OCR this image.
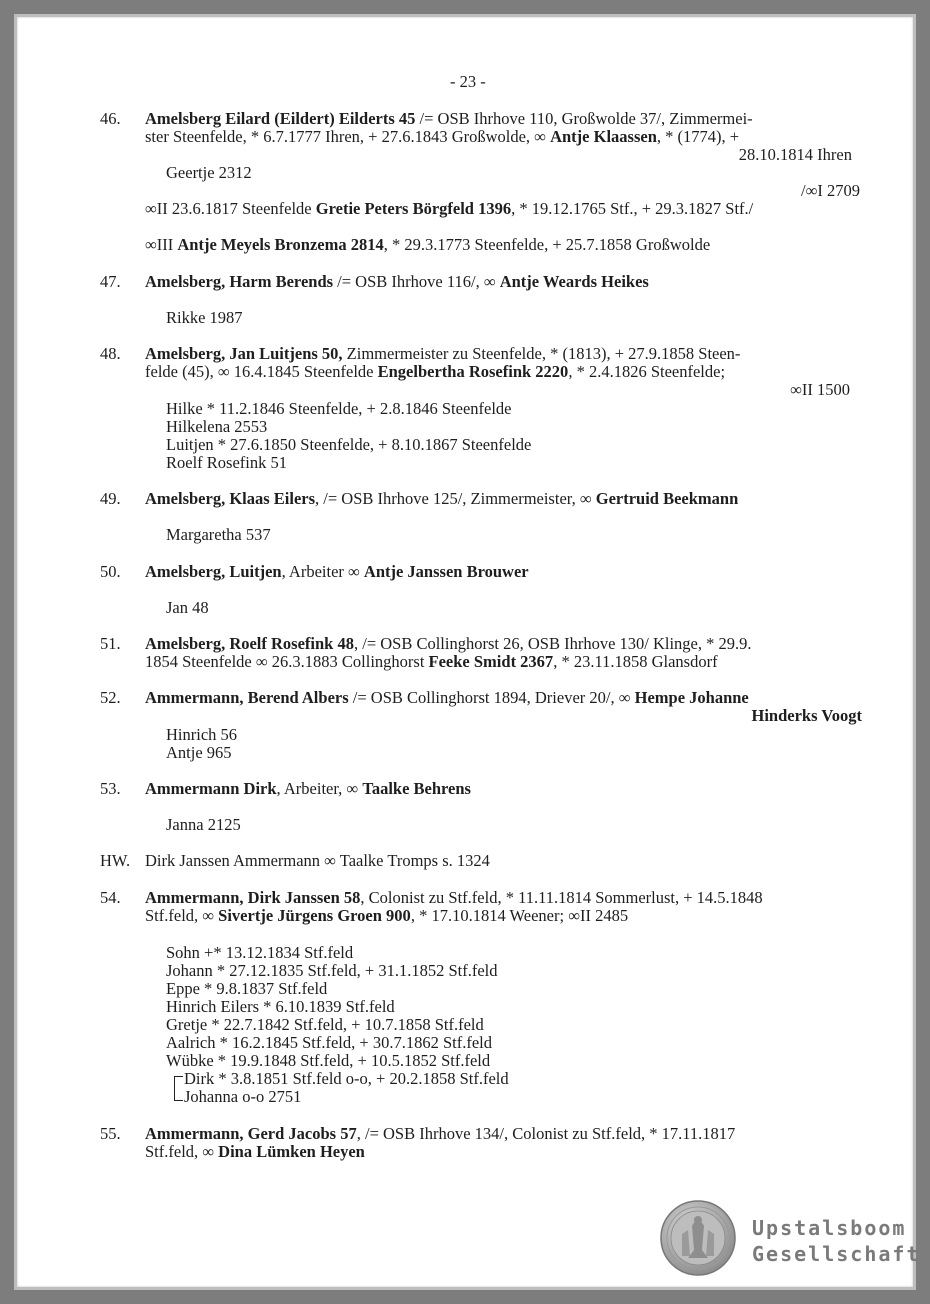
- 23 -
46. Amelsberg Eilard (Eildert) Eilderts 45 /= OSB Ihrhove 110, Großwolde 37/, Zimmermei-
ster Steenfelde, * 6.7.1777 Ihren, + 27.6.1843 Großwolde, ∞ Antje Klaassen, * (1774), +
28.10.1814 Ihren
Geertje 2312
/∞I 2709
∞II 23.6.1817 Steenfelde Gretie Peters Börgfeld 1396, * 19.12.1765 Stf., + 29.3.1827 Stf./
∞III Antje Meyels Bronzema 2814, * 29.3.1773 Steenfelde, + 25.7.1858 Großwolde
47. Amelsberg, Harm Berends /= OSB Ihrhove 116/, ∞ Antje Weards Heikes
Rikke 1987
48. Amelsberg, Jan Luitjens 50, Zimmermeister zu Steenfelde, * (1813), + 27.9.1858 Steen-
felde (45), ∞ 16.4.1845 Steenfelde Engelbertha Rosefink 2220, * 2.4.1826 Steenfelde;
∞II 1500
Hilke * 11.2.1846 Steenfelde, + 2.8.1846 Steenfelde
Hilkelena 2553
Luitjen * 27.6.1850 Steenfelde, + 8.10.1867 Steenfelde
Roelf Rosefink 51
49. Amelsberg, Klaas Eilers, /= OSB Ihrhove 125/, Zimmermeister, ∞ Gertruid Beekmann
Margaretha 537
50. Amelsberg, Luitjen, Arbeiter ∞ Antje Janssen Brouwer
Jan 48
51. Amelsberg, Roelf Rosefink 48, /= OSB Collinghorst 26, OSB Ihrhove 130/ Klinge, * 29.9.
1854 Steenfelde ∞ 26.3.1883 Collinghorst Feeke Smidt 2367, * 23.11.1858 Glansdorf
52. Ammermann, Berend Albers /= OSB Collinghorst 1894, Driever 20/, ∞ Hempe Johanne
Hinderks Voogt
Hinrich 56
Antje 965
53. Ammermann Dirk, Arbeiter, ∞ Taalke Behrens
Janna 2125
HW. Dirk Janssen Ammermann ∞ Taalke Tromps s. 1324
54. Ammermann, Dirk Janssen 58, Colonist zu Stf.feld, * 11.11.1814 Sommerlust, + 14.5.1848
Stf.feld, ∞ Sivertje Jürgens Groen 900, * 17.10.1814 Weener; ∞II 2485
Sohn +* 13.12.1834 Stf.feld
Johann * 27.12.1835 Stf.feld, + 31.1.1852 Stf.feld
Eppe * 9.8.1837 Stf.feld
Hinrich Eilers * 6.10.1839 Stf.feld
Gretje * 22.7.1842 Stf.feld, + 10.7.1858 Stf.feld
Aalrich * 16.2.1845 Stf.feld, + 30.7.1862 Stf.feld
Wübke * 19.9.1848 Stf.feld, + 10.5.1852 Stf.feld
Dirk * 3.8.1851 Stf.feld o-o, + 20.2.1858 Stf.feld
Johanna o-o 2751
55. Ammermann, Gerd Jacobs 57, /= OSB Ihrhove 134/, Colonist zu Stf.feld, * 17.11.1817
Stf.feld, ∞ Dina Lümken Heyen
Upstalsboom
Gesellschaft
